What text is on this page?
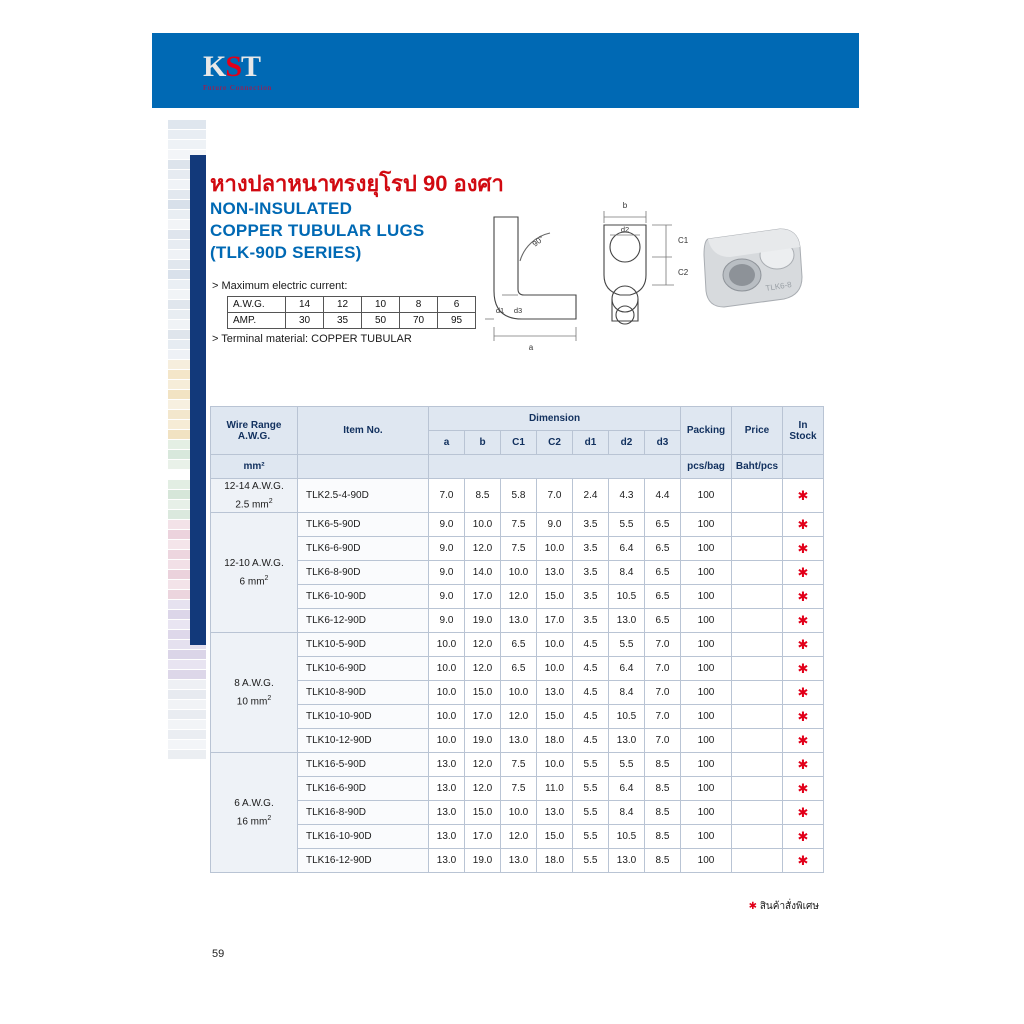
KST
Future Connection
หางปลาหนาทรงยุโรป 90 องศา
NON-INSULATED
COPPER TUBULAR LUGS
(TLK-90D SERIES)
> Maximum electric current:
A.W.G.	14	12	10	8	6
AMP.	30	35	50	70	95
> Terminal material: COPPER TUBULAR
90°
a
d1 d3
b
d2
C1
C2
TLK6-8
Wire Range
A.W.G.	Item No.	Dimension							Packing	Price	In
Stock
		a	b	C1	C2	d1	d2	d3			
mm²									pcs/bag	Baht/pcs	
12-14 A.W.G.
2.5 $mm^2$	TLK2.5-4-90D	7.0	8.5	5.8	7.0	2.4	4.3	4.4	100		✱
12-10 A.W.G.
6 $mm^2$	TLK6-5-90D	9.0	10.0	7.5	9.0	3.5	5.5	6.5	100		✱
	TLK6-6-90D	9.0	12.0	7.5	10.0	3.5	6.4	6.5	100		✱
	TLK6-8-90D	9.0	14.0	10.0	13.0	3.5	8.4	6.5	100		✱
	TLK6-10-90D	9.0	17.0	12.0	15.0	3.5	10.5	6.5	100		✱
	TLK6-12-90D	9.0	19.0	13.0	17.0	3.5	13.0	6.5	100		✱
8 A.W.G.
10 $mm^2$	TLK10-5-90D	10.0	12.0	6.5	10.0	4.5	5.5	7.0	100		✱
	TLK10-6-90D	10.0	12.0	6.5	10.0	4.5	6.4	7.0	100		✱
	TLK10-8-90D	10.0	15.0	10.0	13.0	4.5	8.4	7.0	100		✱
	TLK10-10-90D	10.0	17.0	12.0	15.0	4.5	10.5	7.0	100		✱
	TLK10-12-90D	10.0	19.0	13.0	18.0	4.5	13.0	7.0	100		✱
6 A.W.G.
16 $mm^2$	TLK16-5-90D	13.0	12.0	7.5	10.0	5.5	5.5	8.5	100		✱
	TLK16-6-90D	13.0	12.0	7.5	11.0	5.5	6.4	8.5	100		✱
	TLK16-8-90D	13.0	15.0	10.0	13.0	5.5	8.4	8.5	100		✱
	TLK16-10-90D	13.0	17.0	12.0	15.0	5.5	10.5	8.5	100		✱
	TLK16-12-90D	13.0	19.0	13.0	18.0	5.5	13.0	8.5	100		✱
✱ สินค้าสั่งพิเศษ
59
